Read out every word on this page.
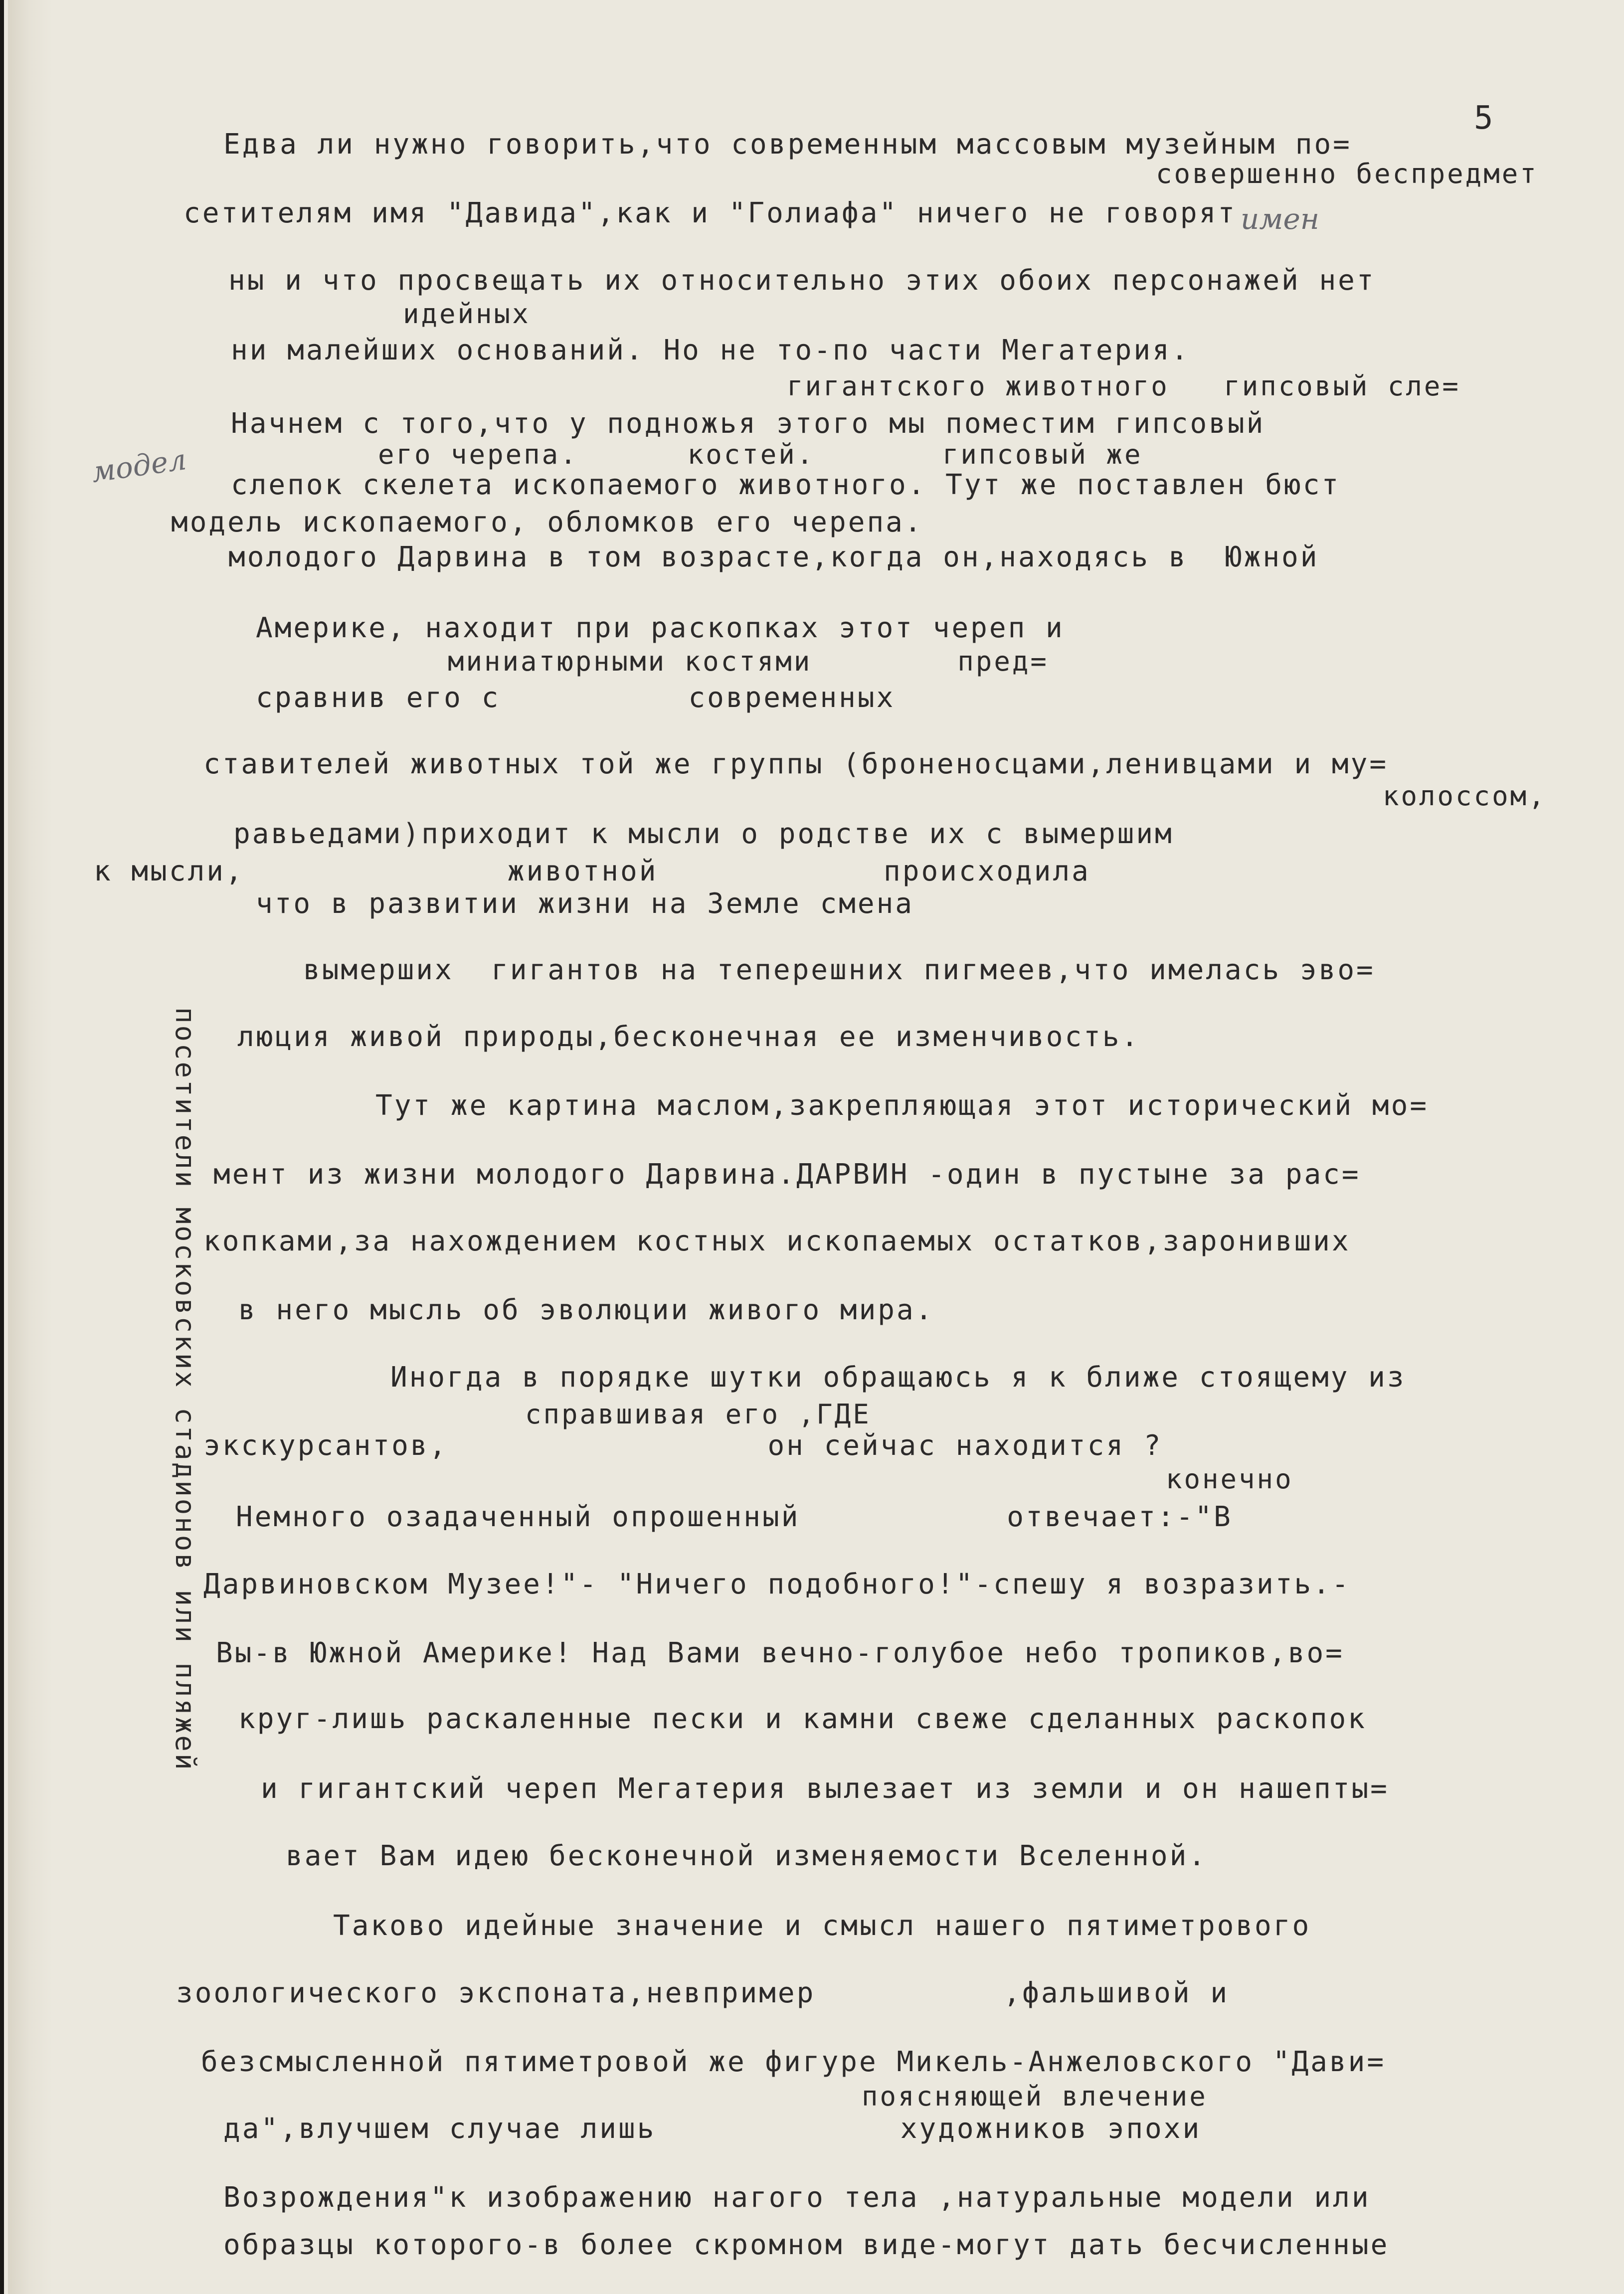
5
имен
модел
посетители московских стадионов или пляжей
Едва ли нужно говорить,что современным массовым музейным по=
совершенно беспредмет
сетителям имя "Давида",как и "Голиафа" ничего не говорят
ны и что просвещать их относительно этих обоих персонажей нет
идейных
ни малейших оснований. Но не то-по части Мегатерия.
гигантского животного   гипсовый сле=
Начнем с того,что у подножья этого мы поместим гипсовый
его черепа.      костей.       гипсовый же
слепок скелета ископаемого животного. Тут же поставлен бюст
модель ископаемого, обломков его черепа.
молодого Дарвина в том возрасте,когда он,находясь в  Южной
Америке, находит при раскопках этот череп и
миниатюрными костями        пред=
сравнив его с          современных
ставителей животных той же группы (броненосцами,ленивцами и му=
колоссом,
равьедами)приходит к мысли о родстве их с вымершим
к мысли,              животной            происходила
что в развитии жизни на Земле смена
вымерших  гигантов на теперешних пигмеев,что имелась эво=
люция живой природы,бесконечная ее изменчивость.
Тут же картина маслом,закрепляющая этот исторический мо=
мент из жизни молодого Дарвина.ДАРВИН -один в пустыне за рас=
копками,за нахождением костных ископаемых остатков,заронивших
в него мысль об эволюции живого мира.
Иногда в порядке шутки обращаюсь я к ближе стоящему из
справшивая его ,ГДЕ
экскурсантов,                 он сейчас находится ?
конечно
Немного озадаченный опрошенный           отвечает:-"В
Дарвиновском Музее!"- "Ничего подобного!"-спешу я возразить.-
Вы-в Южной Америке! Над Вами вечно-голубое небо тропиков,во=
круг-лишь раскаленные пески и камни свеже сделанных раскопок
и гигантский череп Мегатерия вылезает из земли и он нашепты=
вает Вам идею бесконечной изменяемости Вселенной.
Таково идейные значение и смысл нашего пятиметрового
зоологического экспоната,невпример          ,фальшивой и
безсмысленной пятиметровой же фигуре Микель-Анжеловского "Дави=
поясняющей влечение
да",влучшем случае лишь             художников эпохи
Возрождения"к изображению нагого тела ,натуральные модели или
образцы которого-в более скромном виде-могут дать бесчисленные
